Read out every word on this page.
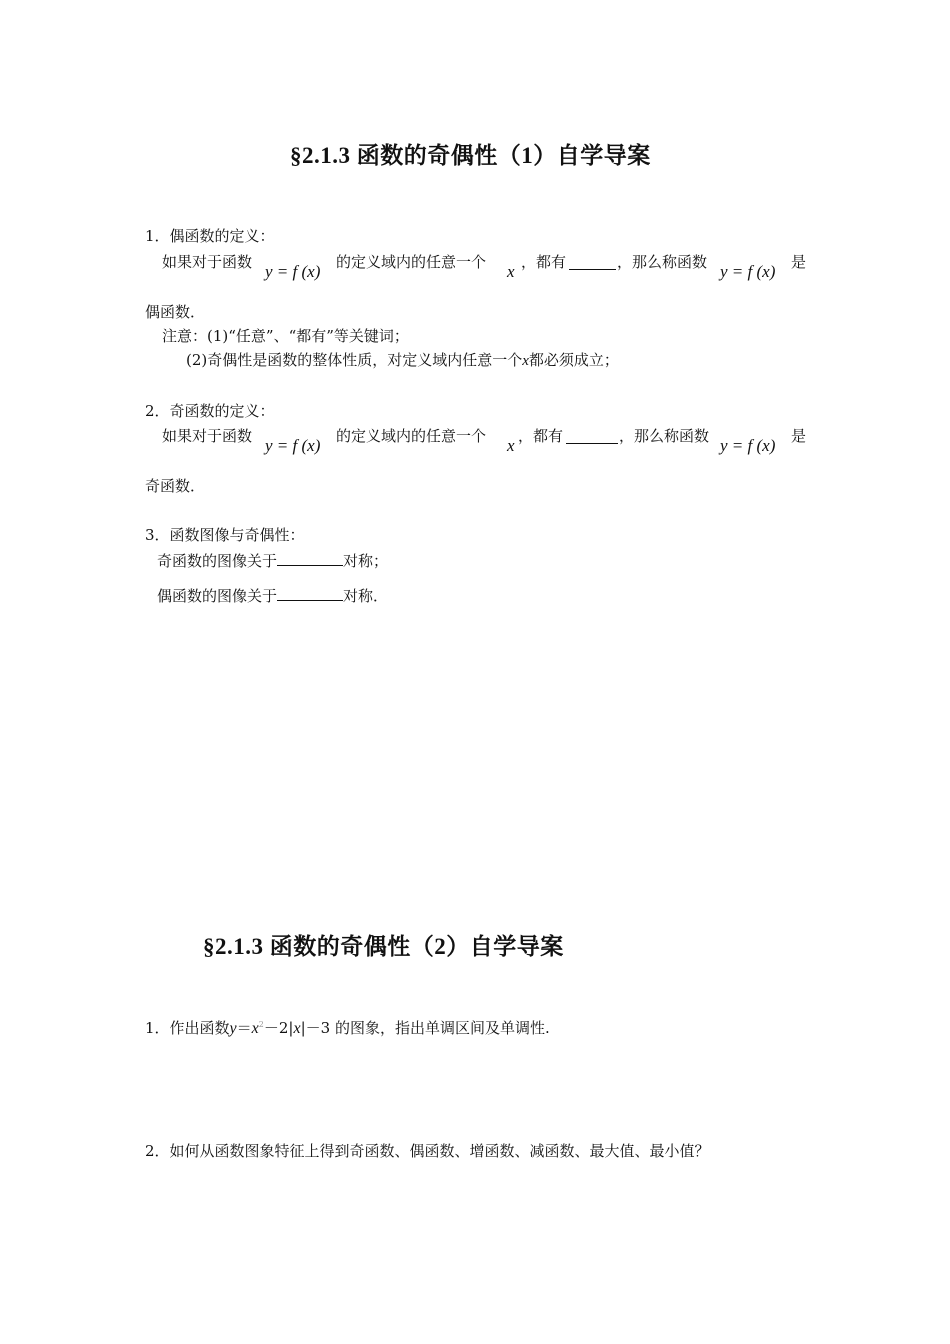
§2.1.3 函数的奇偶性（1）自学导案
1．偶函数的定义：
如果对于函数 y = f (x) 的定义域内的任意一个 x ，都有	，那么称函数 y = f (x) 是
偶函数．
注意：(1)“任意”、“都有”等关键词；
(2)奇偶性是函数的整体性质，对定义域内任意一个x都必须成立；
2．奇函数的定义：
如果对于函数 y = f (x) 的定义域内的任意一个 x ，都有	，那么称函数 y = f (x) 是
奇函数．
3．函数图像与奇偶性：
奇函数的图像关于	对称；
偶函数的图像关于	对称．
§2.1.3 函数的奇偶性（2）自学导案
1．作出函数$y=x^2-2|x|-3$ 的图象，指出单调区间及单调性.
2．如何从函数图象特征上得到奇函数、偶函数、增函数、减函数、最大值、最小值？
